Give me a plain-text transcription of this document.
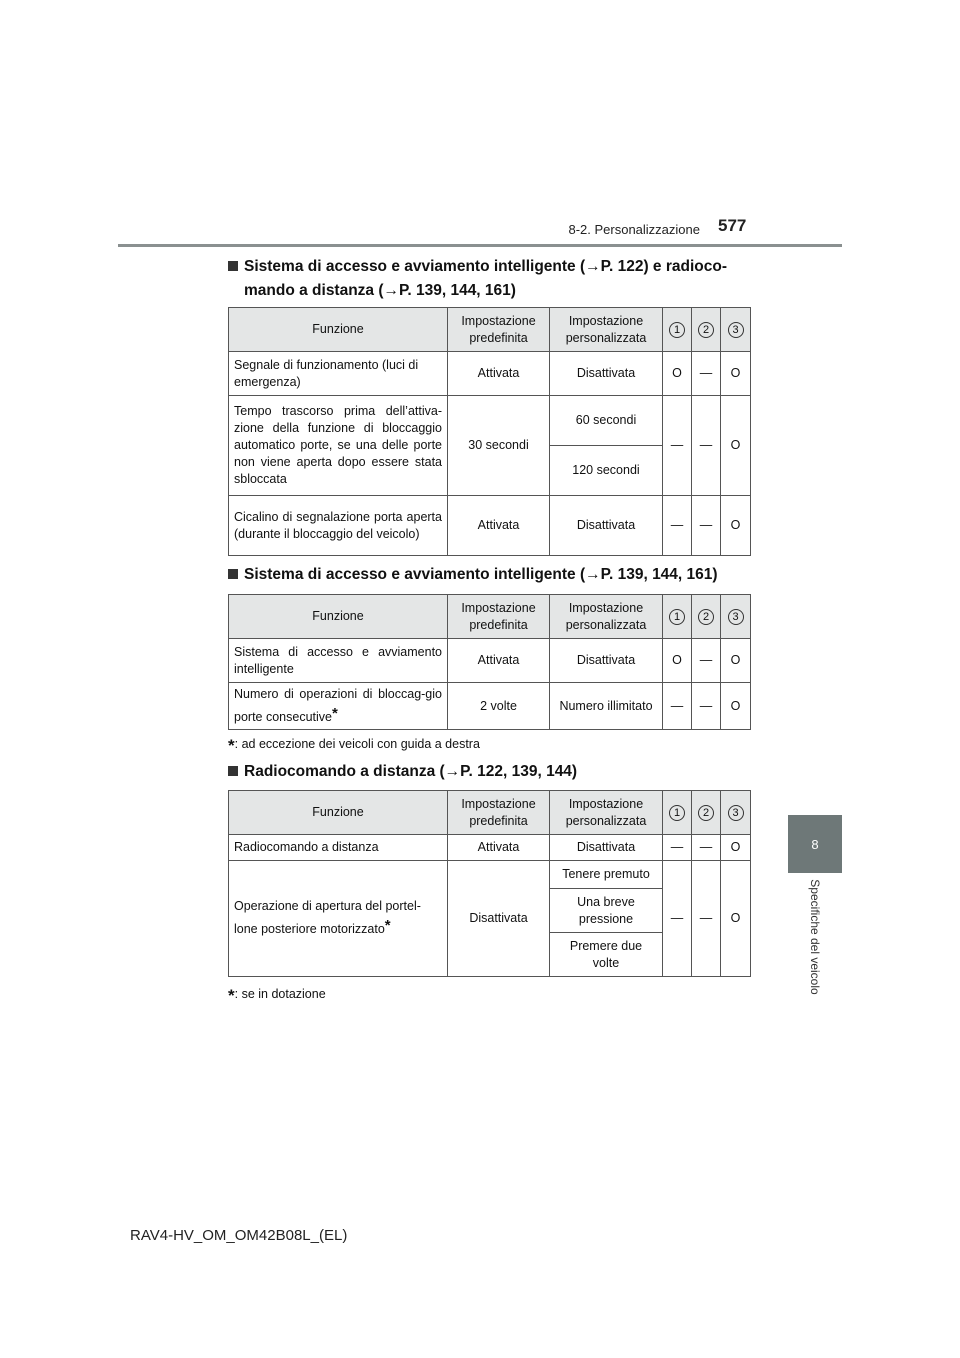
8-2. Personalizzazione 577
8
Specifiche del veicolo
Sistema di accesso e avviamento intelligente (→P. 122) e radioco-
mando a distanza (→P. 139, 144, 161)
Funzione	Impostazione predefinita	Impostazione personalizzata	1	2	3
Segnale di funzionamento (luci di emergenza)	Attivata	Disattivata	O	—	O
Tempo trascorso prima dell’attiva-zione della funzione di bloccaggio automatico porte, se una delle porte non viene aperta dopo essere stata sbloccata	30 secondi	60 secondi	—	—	O
		120 secondi			
Cicalino di segnalazione porta aperta (durante il bloccaggio del veicolo)	Attivata	Disattivata	—	—	O
Sistema di accesso e avviamento intelligente (→P. 139, 144, 161)
Funzione	Impostazione predefinita	Impostazione personalizzata	1	2	3
Sistema di accesso e avviamento intelligente	Attivata	Disattivata	O	—	O
Numero di operazioni di bloccag-gio porte consecutive*	2 volte	Numero illimitato	—	—	O
*: ad eccezione dei veicoli con guida a destra
Radiocomando a distanza (→P. 122, 139, 144)
Funzione	Impostazione predefinita	Impostazione personalizzata	1	2	3
Radiocomando a distanza	Attivata	Disattivata	—	—	O
Operazione di apertura del portel-lone posteriore motorizzato*	Disattivata	Tenere premuto	—	—	O
		Una breve pressione			
		Premere due volte			
*: se in dotazione
RAV4-HV_OM_OM42B08L_(EL)
